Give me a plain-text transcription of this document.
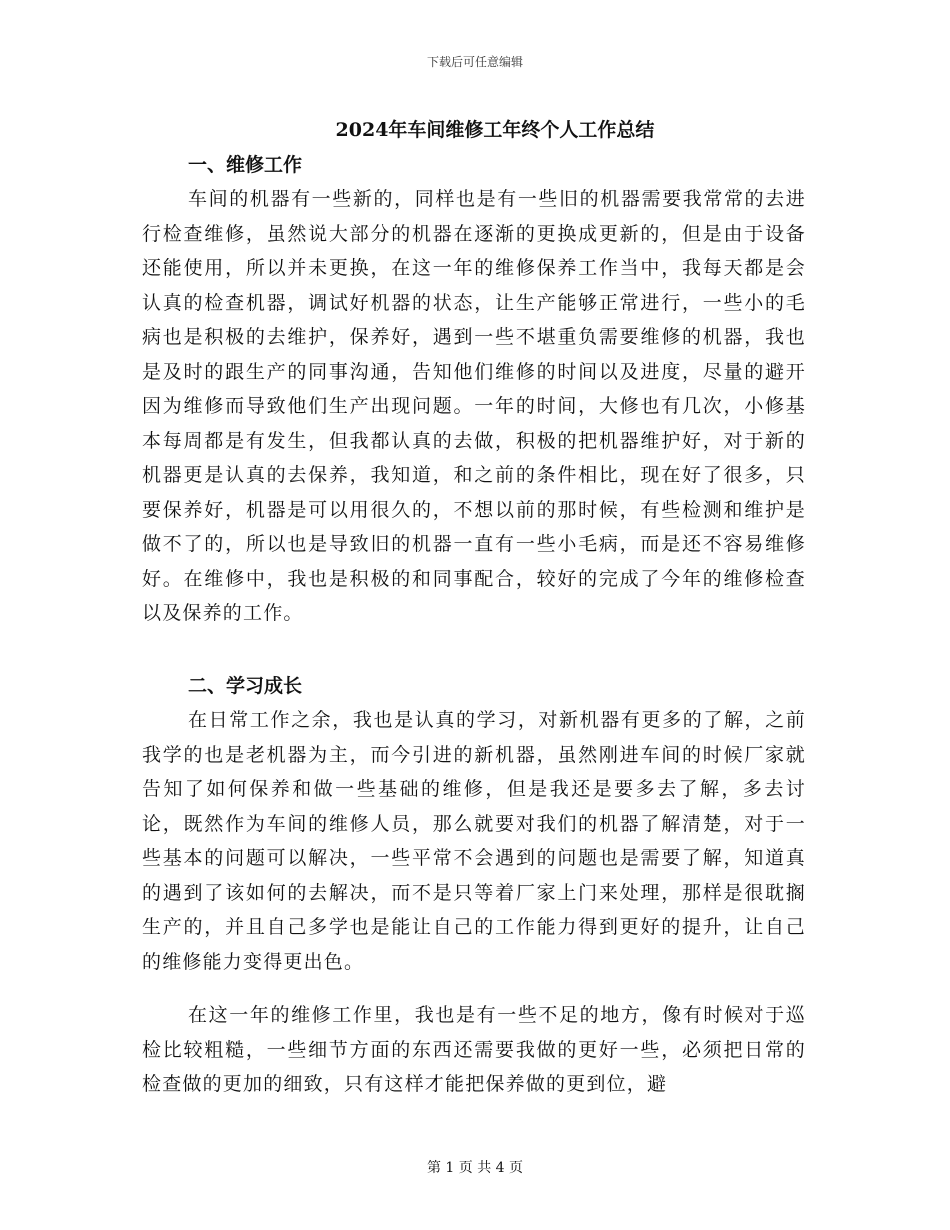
下载后可任意编辑
2024年车间维修工年终个人工作总结
一、维修工作

车间的机器有一些新的，同样也是有一些旧的机器需要我常常的去进行检查维修，虽然说大部分的机器在逐渐的更换成更新的，但是由于设备还能使用，所以并未更换，在这一年的维修保养工作当中，我每天都是会认真的检查机器，调试好机器的状态，让生产能够正常进行，一些小的毛病也是积极的去维护，保养好，遇到一些不堪重负需要维修的机器，我也是及时的跟生产的同事沟通，告知他们维修的时间以及进度，尽量的避开因为维修而导致他们生产出现问题。一年的时间，大修也有几次，小修基本每周都是有发生，但我都认真的去做，积极的把机器维护好，对于新的机器更是认真的去保养，我知道，和之前的条件相比，现在好了很多，只要保养好，机器是可以用很久的，不想以前的那时候，有些检测和维护是做不了的，所以也是导致旧的机器一直有一些小毛病，而是还不容易维修好。在维修中，我也是积极的和同事配合，较好的完成了今年的维修检查以及保养的工作。

二、学习成长

在日常工作之余，我也是认真的学习，对新机器有更多的了解，之前我学的也是老机器为主，而今引进的新机器，虽然刚进车间的时候厂家就告知了如何保养和做一些基础的维修，但是我还是要多去了解，多去讨论，既然作为车间的维修人员，那么就要对我们的机器了解清楚，对于一些基本的问题可以解决，一些平常不会遇到的问题也是需要了解，知道真的遇到了该如何的去解决，而不是只等着厂家上门来处理，那样是很耽搁生产的，并且自己多学也是能让自己的工作能力得到更好的提升，让自己的维修能力变得更出色。

在这一年的维修工作里，我也是有一些不足的地方，像有时候对于巡检比较粗糙，一些细节方面的东西还需要我做的更好一些，必须把日常的检查做的更加的细致，只有这样才能把保养做的更到位，避

第 1 页 共 4 页
